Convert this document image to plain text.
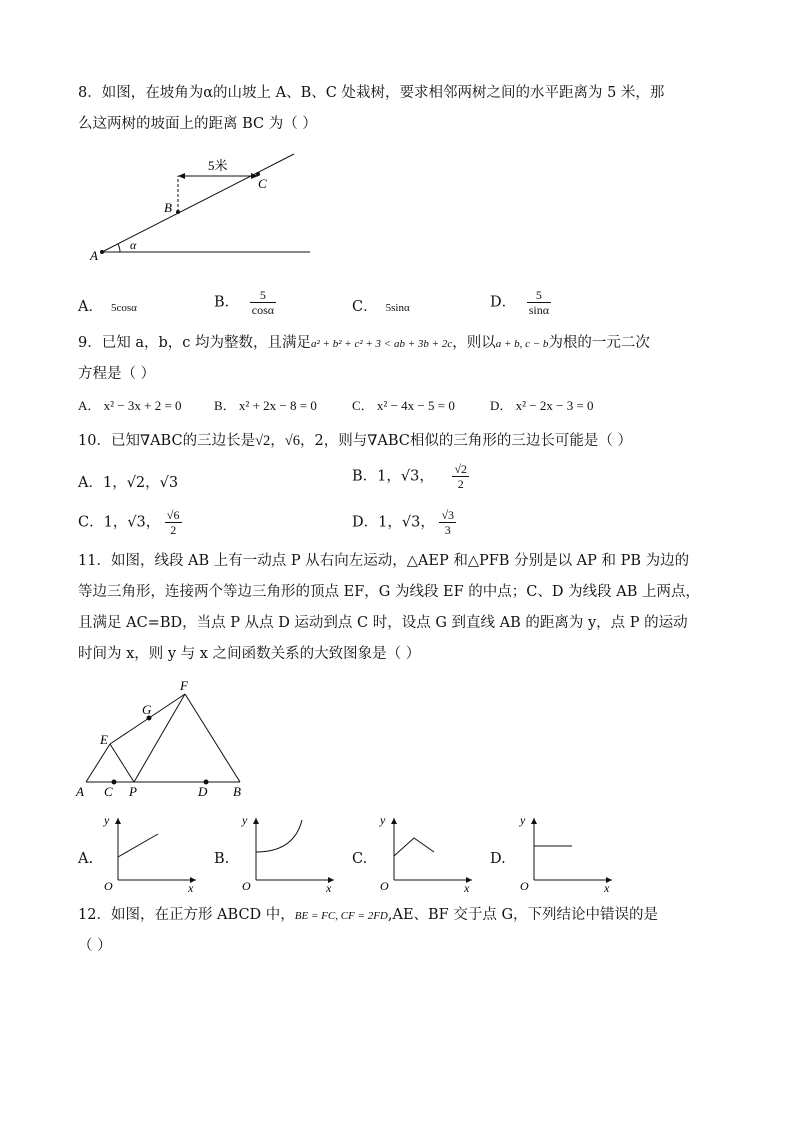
8．如图，在坡角为α的山坡上 A、B、C 处栽树，要求相邻两树之间的水平距离为 5 米，那
么这两树的坡面上的距离 BC 为（ ）
5米
A
B
C
α
A． 5cosα	B． $\frac{5}{\cos\alpha}$	C． 5sinα	D． $\frac{5}{\sin\alpha}$
9．已知 a，b，c 均为整数，且满足a² + b² + c² + 3 < ab + 3b + 2c，则以a + b, c − b为根的一元二次
方程是（ ）
A． x² − 3x + 2 = 0 B． x² + 2x − 8 = 0	C． x² − 4x − 5 = 0	D． x² − 2x − 3 = 0
10．已知∇ABC的三边长是√2，√6，2，则与∇ABC相似的三角形的三边长可能是（ ）
A．1，√2，√3	B．1，√3， $\frac{√2}{2}$
C．1，√3， $\frac{√6}{2}$	D．1，√3， $\frac{√3}{3}$
11．如图，线段 AB 上有一动点 P 从右向左运动，△AEP 和△PFB 分别是以 AP 和 PB 为边的
等边三角形，连接两个等边三角形的顶点 EF，G 为线段 EF 的中点；C、D 为线段 AB 上两点，
且满足 AC=BD，当点 P 从点 D 运动到点 C 时，设点 G 到直线 AB 的距离为 y，点 P 的运动
时间为 x，则 y 与 x 之间函数关系的大致图象是（ ）
A C P	D B
E
G
F
A.
y
O	x
B.
y
O	x
C.
y
O	x
D.
y
O	x
12．如图，在正方形 ABCD 中，BE = FC, CF = 2FD,AE、BF 交于点 G，下列结论中错误的是
（ ）
